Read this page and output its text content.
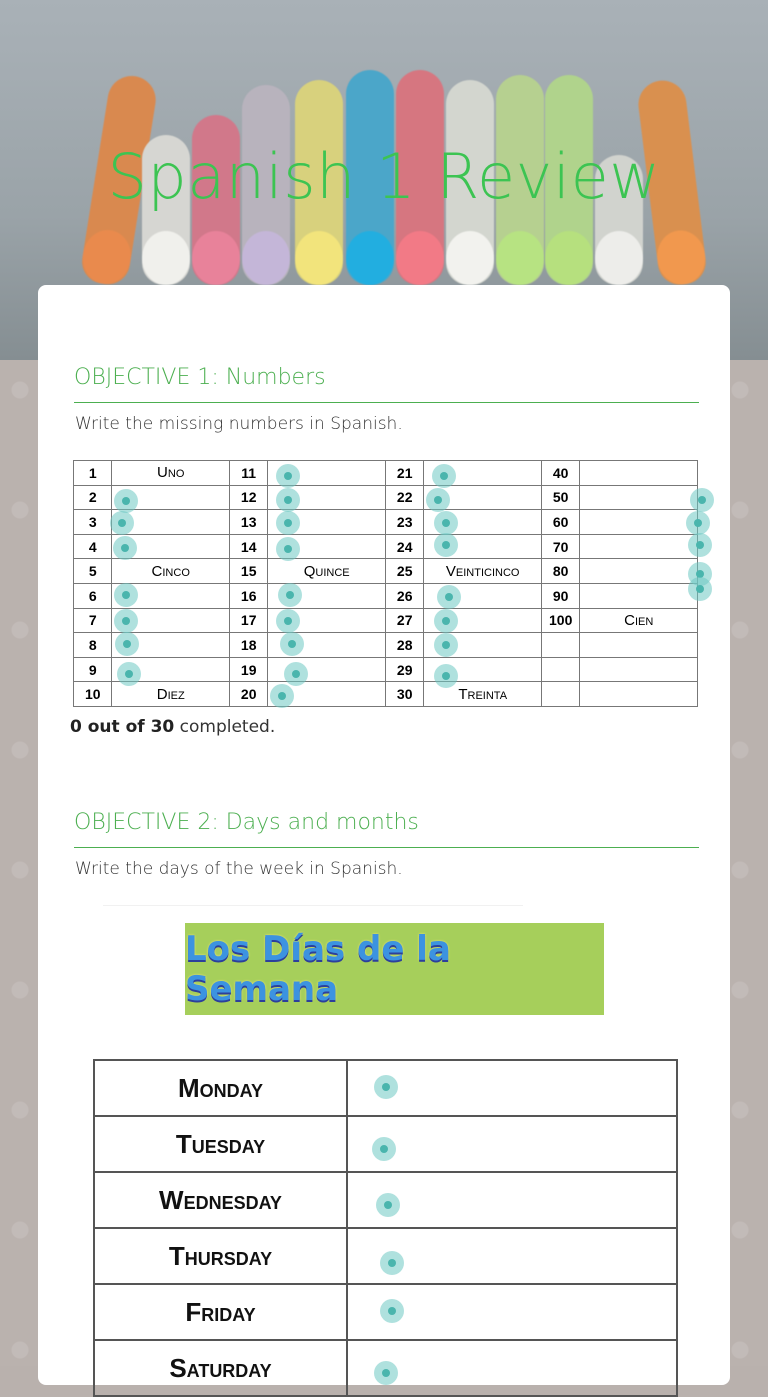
Spanish 1 Review
OBJECTIVE 1: Numbers
Write the missing numbers in Spanish.
1	Uno	11		21		40	
2		12		22		50	

3		13		23		60	

4		14		24		70	

5	Cinco	15	Quince	25	Veinticinco	80	

6		16		26		90	

7		17		27		100	Cien
8		18		28	

9		19		29	

10	Diez	20		30	Treinta		
0 out of 30 completed.
OBJECTIVE 2: Days and months
Write the days of the week in Spanish.
Los Días de la Semana
Monday	

Tuesday	

Wednesday	

Thursday	

Friday	

Saturday	
